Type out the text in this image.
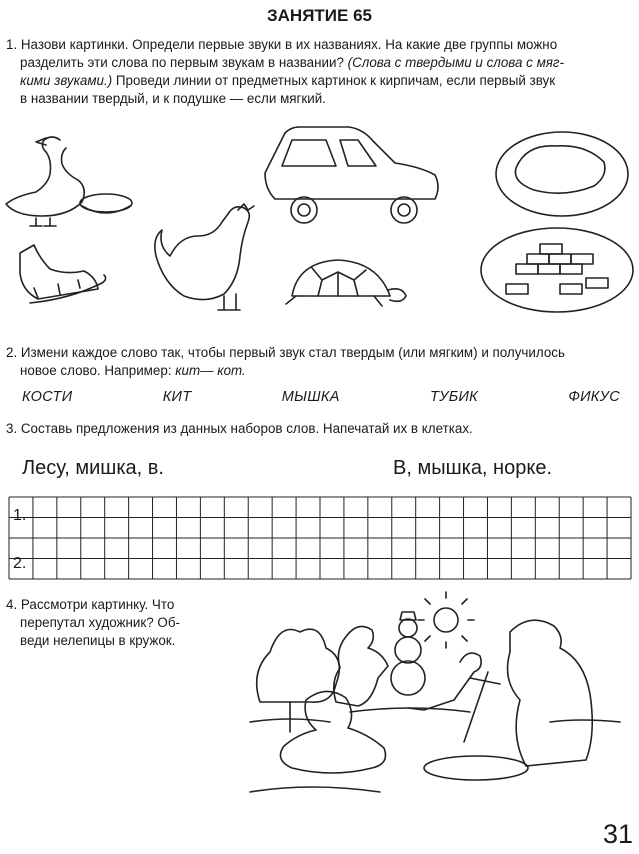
ЗАНЯТИЕ 65
1. Назови картинки. Определи первые звуки в их названиях. На какие две группы можно
разделить эти слова по первым звукам в названии? (Слова с твердыми и слова с мяг-
кими звуками.) Проведи линии от предметных картинок к кирпичам, если первый звук
в названии твердый, и к подушке — если мягкий.
2. Измени каждое слово так, чтобы первый звук стал твердым (или мягким) и получилось
новое слово. Например: кит— кот.
КОСТИ	КИТ	МЫШКА	ТУБИК	ФИКУС
3. Составь предложения из данных наборов слов. Напечатай их в клетках.
Лесу, мишка, в.	В, мышка, норке.
1.
2.
4. Рассмотри картинку. Что
перепутал художник? Об-
веди нелепицы в кружок.
31
